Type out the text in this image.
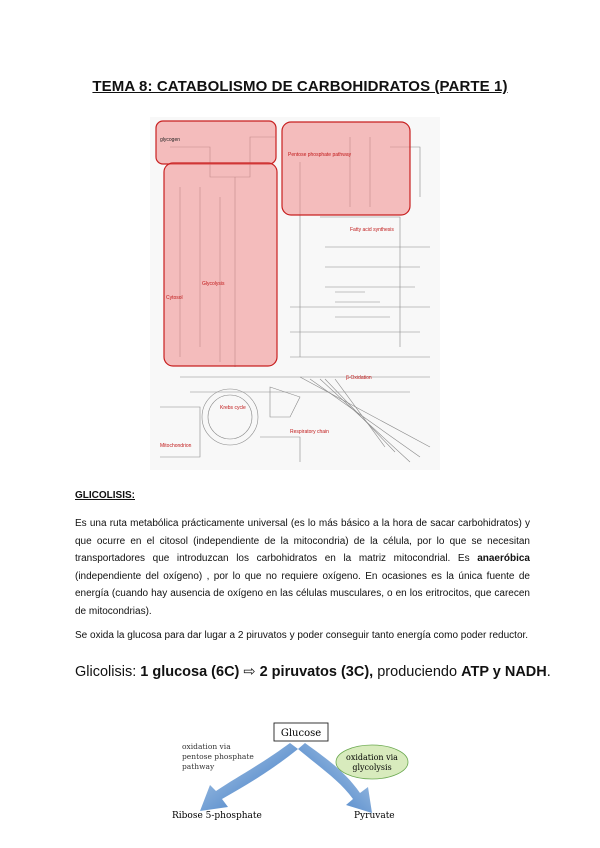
TEMA 8: CATABOLISMO DE CARBOHIDRATOS (PARTE 1)
glycogen
Pentose phosphate pathway
Fatty acid synthesis
Glycolysis
Cytosol
β-Oxidation
Krebs cycle
Mitochondrion
Respiratory chain
GLICOLISIS:

Es una ruta metabólica prácticamente universal (es lo más básico a la hora de sacar carbohidratos) y que ocurre en el citosol (independiente de la mitocondria) de la célula, por lo que se necesitan transportadores que introduzcan los carbohidratos en la matriz mitocondrial. Es anaeróbica (independiente del oxígeno) , por lo que no requiere oxígeno. En ocasiones es la única fuente de energía (cuando hay ausencia de oxígeno en las células musculares, o en los eritrocitos, que carecen de mitocondrias).

Se oxida la glucosa para dar lugar a 2 piruvatos y poder conseguir tanto energía como poder reductor.

Glicolisis: 1 glucosa (6C) ⇨ 2 piruvatos (3C), produciendo ATP y NADH.
Glucose
oxidation via
glycolysis
oxidation via
pentose phosphate
pathway
Ribose 5-phosphate	Pyruvate
